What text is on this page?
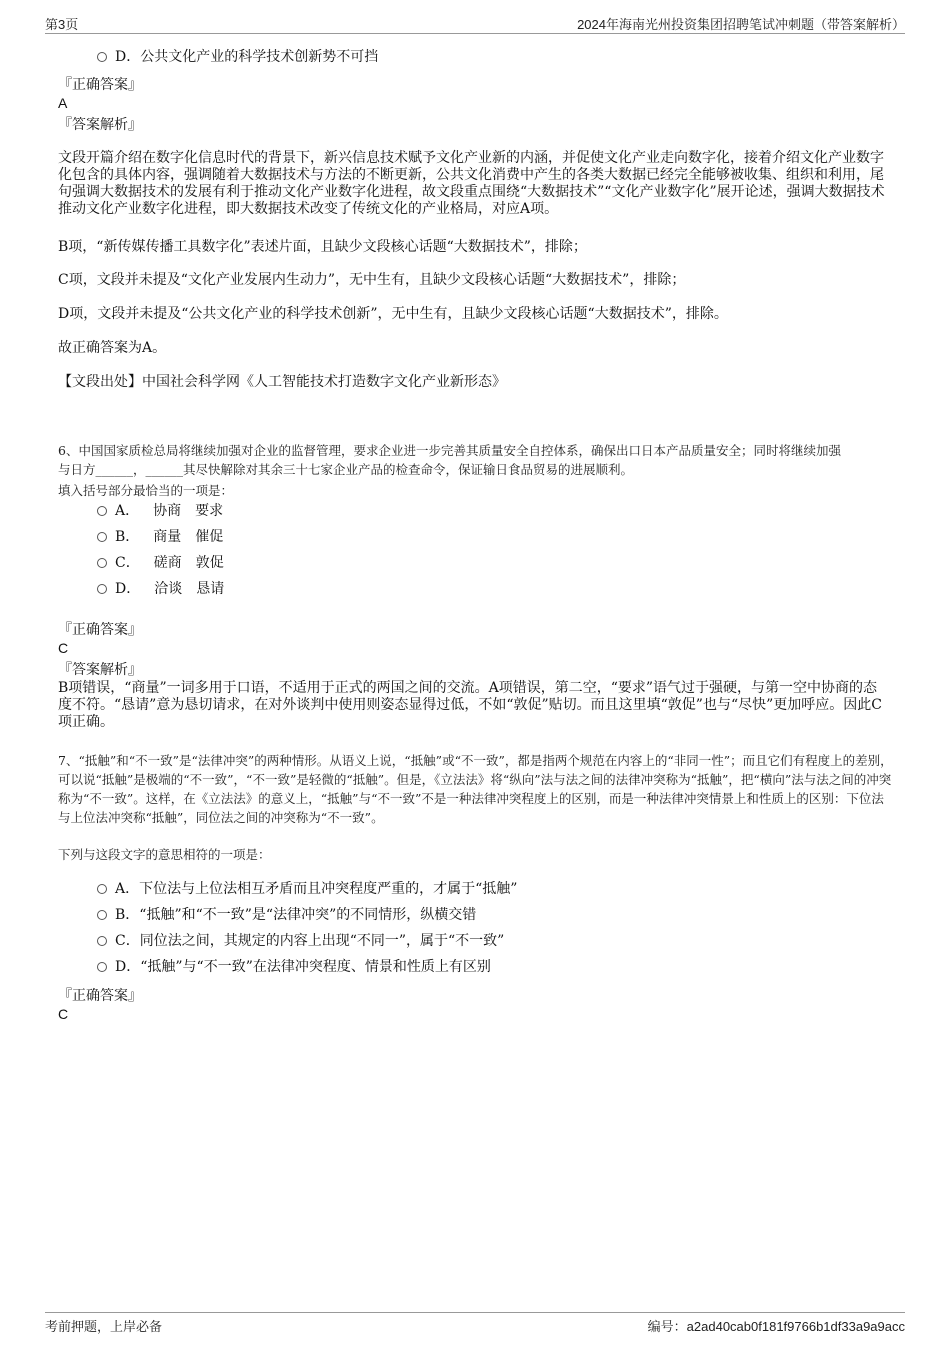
第3页	2024年海南光州投资集团招聘笔试冲刺题（带答案解析）
D．公共文化产业的科学技术创新势不可挡
『正确答案』
A
『答案解析』
文段开篇介绍在数字化信息时代的背景下，新兴信息技术赋予文化产业新的内涵，并促使文化产业走向数字化，接着介绍文化产业数字化包含的具体内容，强调随着大数据技术与方法的不断更新，公共文化消费中产生的各类大数据已经完全能够被收集、组织和利用，尾句强调大数据技术的发展有利于推动文化产业数字化进程，故文段重点围绕“大数据技术”“文化产业数字化”展开论述，强调大数据技术推动文化产业数字化进程，即大数据技术改变了传统文化的产业格局，对应A项。
B项，“新传媒传播工具数字化”表述片面，且缺少文段核心话题“大数据技术”，排除；
C项，文段并未提及“文化产业发展内生动力”，无中生有，且缺少文段核心话题“大数据技术”，排除；
D项，文段并未提及“公共文化产业的科学技术创新”，无中生有，且缺少文段核心话题“大数据技术”，排除。
故正确答案为A。
【文段出处】中国社会科学网《人工智能技术打造数字文化产业新形态》
6、中国国家质检总局将继续加强对企业的监督管理，要求企业进一步完善其质量安全自控体系，确保出口日本产品质量安全；同时将继续加强
与日方______，______其尽快解除对其余三十七家企业产品的检查命令，保证输日食品贸易的进展顺利。
填入括号部分最恰当的一项是：
A． 协商 要求
B． 商量 催促
C． 磋商 敦促
D． 洽谈 恳请
『正确答案』
C
『答案解析』
B项错误，“商量”一词多用于口语，不适用于正式的两国之间的交流。A项错误，第二空，“要求”语气过于强硬，与第一空中协商的态度不符。“恳请”意为恳切请求，在对外谈判中使用则姿态显得过低，不如“敦促”贴切。而且这里填“敦促”也与“尽快”更加呼应。因此C项正确。
7、“抵触”和“不一致”是“法律冲突”的两种情形。从语义上说，“抵触”或“不一致”，都是指两个规范在内容上的“非同一性”；而且它们有程度上的差别，可以说“抵触”是极端的“不一致”，“不一致”是轻微的“抵触”。但是，《立法法》将“纵向”法与法之间的法律冲突称为“抵触”，把“横向”法与法之间的冲突称为“不一致”。这样，在《立法法》的意义上，“抵触”与“不一致”不是一种法律冲突程度上的区别，而是一种法律冲突情景上和性质上的区别：下位法与上位法冲突称“抵触”，同位法之间的冲突称为“不一致”。
下列与这段文字的意思相符的一项是：
A．下位法与上位法相互矛盾而且冲突程度严重的，才属于“抵触”
B．“抵触”和“不一致”是“法律冲突”的不同情形，纵横交错
C．同位法之间，其规定的内容上出现“不同一”，属于“不一致”
D．“抵触”与“不一致”在法律冲突程度、情景和性质上有区别
『正确答案』
C
考前押题，上岸必备	编号：a2ad40cab0f181f9766b1df33a9a9acc
